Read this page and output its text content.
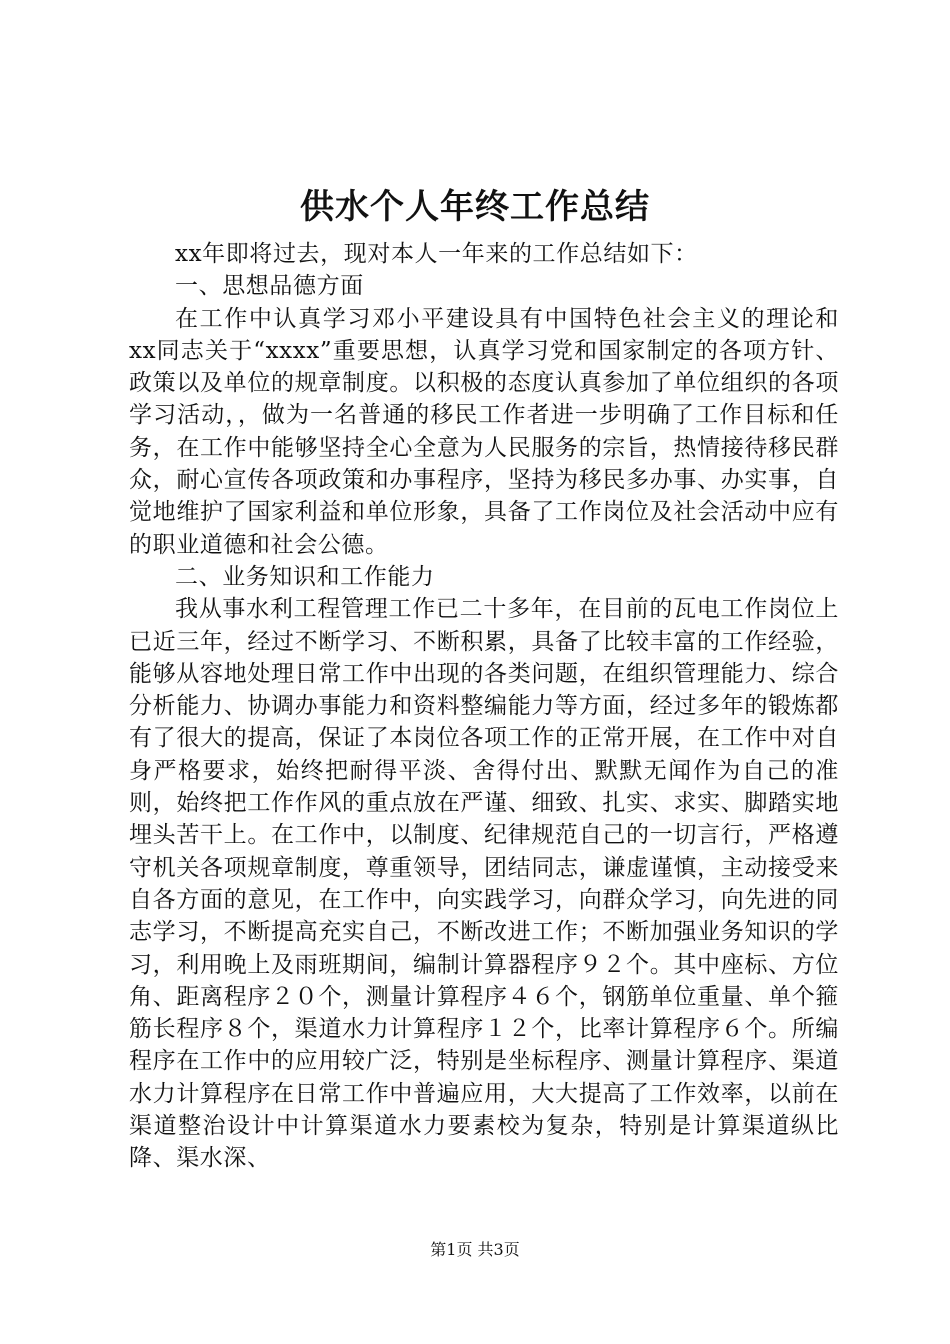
供水个人年终工作总结

xx年即将过去，现对本人一年来的工作总结如下：

一、思想品德方面

在工作中认真学习邓小平建设具有中国特色社会主义的理论和xx同志关于“xxxx”重要思想，认真学习党和国家制定的各项方针、政策以及单位的规章制度。以积极的态度认真参加了单位组织的各项学习活动，，做为一名普通的移民工作者进一步明确了工作目标和任务，在工作中能够坚持全心全意为人民服务的宗旨，热情接待移民群众，耐心宣传各项政策和办事程序，坚持为移民多办事、办实事，自觉地维护了国家利益和单位形象，具备了工作岗位及社会活动中应有的职业道德和社会公德。

二、业务知识和工作能力

我从事水利工程管理工作已二十多年，在目前的瓦电工作岗位上已近三年，经过不断学习、不断积累，具备了比较丰富的工作经验，能够从容地处理日常工作中出现的各类问题，在组织管理能力、综合分析能力、协调办事能力和资料整编能力等方面，经过多年的锻炼都有了很大的提高，保证了本岗位各项工作的正常开展，在工作中对自身严格要求，始终把耐得平淡、舍得付出、默默无闻作为自己的准则，始终把工作作风的重点放在严谨、细致、扎实、求实、脚踏实地埋头苦干上。在工作中，以制度、纪律规范自己的一切言行，严格遵守机关各项规章制度，尊重领导，团结同志，谦虚谨慎，主动接受来自各方面的意见，在工作中，向实践学习，向群众学习，向先进的同志学习，不断提高充实自己，不断改进工作；不断加强业务知识的学习，利用晚上及雨班期间，编制计算器程序９２个。其中座标、方位角、距离程序２０个，测量计算程序４６个，钢筋单位重量、单个箍筋长程序８个，渠道水力计算程序１２个，比率计算程序６个。所编程序在工作中的应用较广泛，特别是坐标程序、测量计算程序、渠道水力计算程序在日常工作中普遍应用，大大提高了工作效率，以前在渠道整治设计中计算渠道水力要素校为复杂，特别是计算渠道纵比降、渠水深、

第1页 共3页
